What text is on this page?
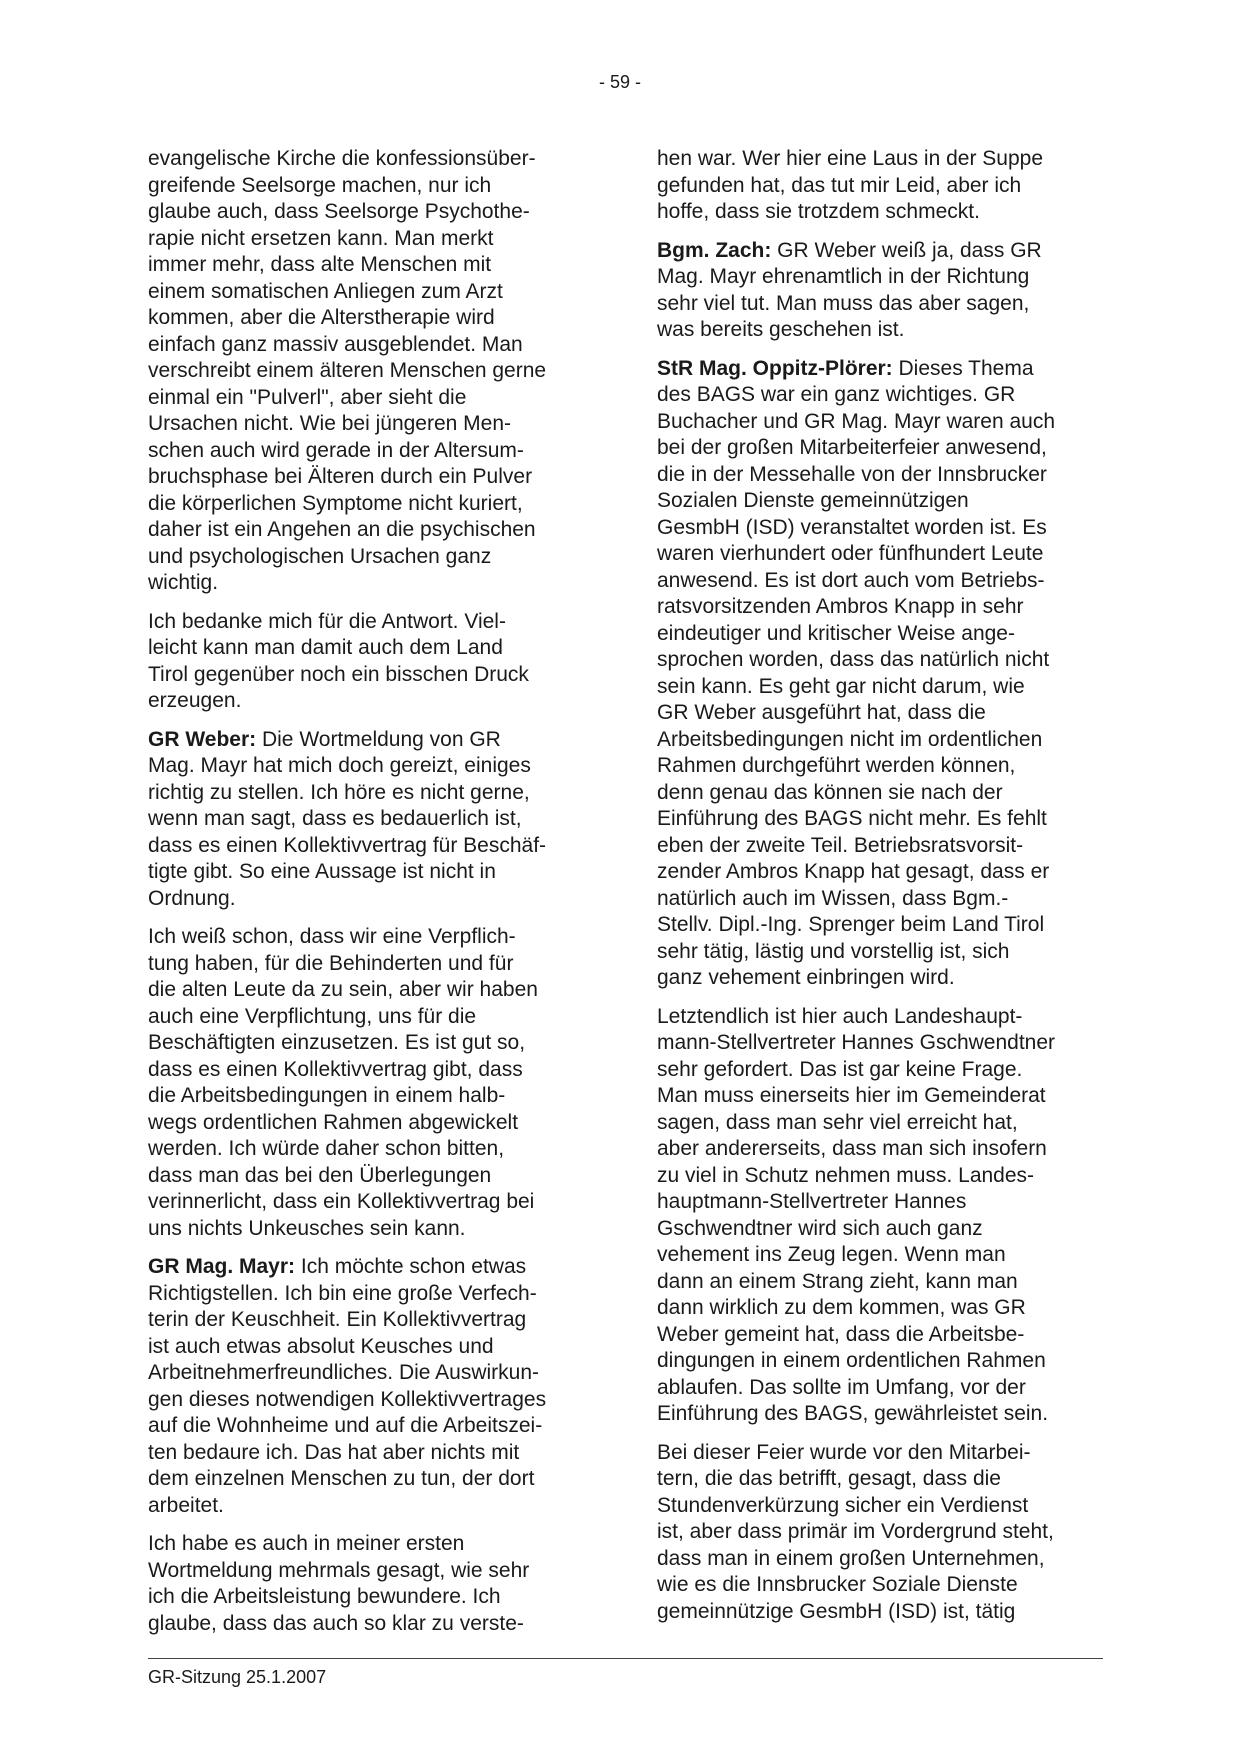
- 59 -

evangelische Kirche die konfessionsüber-
greifende Seelsorge machen, nur ich
glaube auch, dass Seelsorge Psychothe-
rapie nicht ersetzen kann. Man merkt
immer mehr, dass alte Menschen mit
einem somatischen Anliegen zum Arzt
kommen, aber die Alterstherapie wird
einfach ganz massiv ausgeblendet. Man
verschreibt einem älteren Menschen gerne
einmal ein "Pulverl", aber sieht die
Ursachen nicht. Wie bei jüngeren Men-
schen auch wird gerade in der Altersum-
bruchsphase bei Älteren durch ein Pulver
die körperlichen Symptome nicht kuriert,
daher ist ein Angehen an die psychischen
und psychologischen Ursachen ganz
wichtig.

Ich bedanke mich für die Antwort. Viel-
leicht kann man damit auch dem Land
Tirol gegenüber noch ein bisschen Druck
erzeugen.

GR Weber: Die Wortmeldung von GR
Mag. Mayr hat mich doch gereizt, einiges
richtig zu stellen. Ich höre es nicht gerne,
wenn man sagt, dass es bedauerlich ist,
dass es einen Kollektivvertrag für Beschäf-
tigte gibt. So eine Aussage ist nicht in
Ordnung.

Ich weiß schon, dass wir eine Verpflich-
tung haben, für die Behinderten und für
die alten Leute da zu sein, aber wir haben
auch eine Verpflichtung, uns für die
Beschäftigten einzusetzen. Es ist gut so,
dass es einen Kollektivvertrag gibt, dass
die Arbeitsbedingungen in einem halb-
wegs ordentlichen Rahmen abgewickelt
werden. Ich würde daher schon bitten,
dass man das bei den Überlegungen
verinnerlicht, dass ein Kollektivvertrag bei
uns nichts Unkeusches sein kann.

GR Mag. Mayr: Ich möchte schon etwas
Richtigstellen. Ich bin eine große Verfech-
terin der Keuschheit. Ein Kollektivvertrag
ist auch etwas absolut Keusches und
Arbeitnehmerfreundliches. Die Auswirkun-
gen dieses notwendigen Kollektivvertrages
auf die Wohnheime und auf die Arbeitszei-
ten bedaure ich. Das hat aber nichts mit
dem einzelnen Menschen zu tun, der dort
arbeitet.

Ich habe es auch in meiner ersten
Wortmeldung mehrmals gesagt, wie sehr
ich die Arbeitsleistung bewundere. Ich
glaube, dass das auch so klar zu verste-

hen war. Wer hier eine Laus in der Suppe
gefunden hat, das tut mir Leid, aber ich
hoffe, dass sie trotzdem schmeckt.

Bgm. Zach: GR Weber weiß ja, dass GR
Mag. Mayr ehrenamtlich in der Richtung
sehr viel tut. Man muss das aber sagen,
was bereits geschehen ist.

StR Mag. Oppitz-Plörer: Dieses Thema
des BAGS war ein ganz wichtiges. GR
Buchacher und GR Mag. Mayr waren auch
bei der großen Mitarbeiterfeier anwesend,
die in der Messehalle von der Innsbrucker
Sozialen Dienste gemeinnützigen
GesmbH (ISD) veranstaltet worden ist. Es
waren vierhundert oder fünfhundert Leute
anwesend. Es ist dort auch vom Betriebs-
ratsvorsitzenden Ambros Knapp in sehr
eindeutiger und kritischer Weise ange-
sprochen worden, dass das natürlich nicht
sein kann. Es geht gar nicht darum, wie
GR Weber ausgeführt hat, dass die
Arbeitsbedingungen nicht im ordentlichen
Rahmen durchgeführt werden können,
denn genau das können sie nach der
Einführung des BAGS nicht mehr. Es fehlt
eben der zweite Teil. Betriebsratsvorsit-
zender Ambros Knapp hat gesagt, dass er
natürlich auch im Wissen, dass Bgm.-
Stellv. Dipl.-Ing. Sprenger beim Land Tirol
sehr tätig, lästig und vorstellig ist, sich
ganz vehement einbringen wird.

Letztendlich ist hier auch Landeshaupt-
mann-Stellvertreter Hannes Gschwendtner
sehr gefordert. Das ist gar keine Frage.
Man muss einerseits hier im Gemeinderat
sagen, dass man sehr viel erreicht hat,
aber andererseits, dass man sich insofern
zu viel in Schutz nehmen muss. Landes-
hauptmann-Stellvertreter Hannes
Gschwendtner wird sich auch ganz
vehement ins Zeug legen. Wenn man
dann an einem Strang zieht, kann man
dann wirklich zu dem kommen, was GR
Weber gemeint hat, dass die Arbeitsbe-
dingungen in einem ordentlichen Rahmen
ablaufen. Das sollte im Umfang, vor der
Einführung des BAGS, gewährleistet sein.

Bei dieser Feier wurde vor den Mitarbei-
tern, die das betrifft, gesagt, dass die
Stundenverkürzung sicher ein Verdienst
ist, aber dass primär im Vordergrund steht,
dass man in einem großen Unternehmen,
wie es die Innsbrucker Soziale Dienste
gemeinnützige GesmbH (ISD) ist, tätig

GR-Sitzung 25.1.2007
